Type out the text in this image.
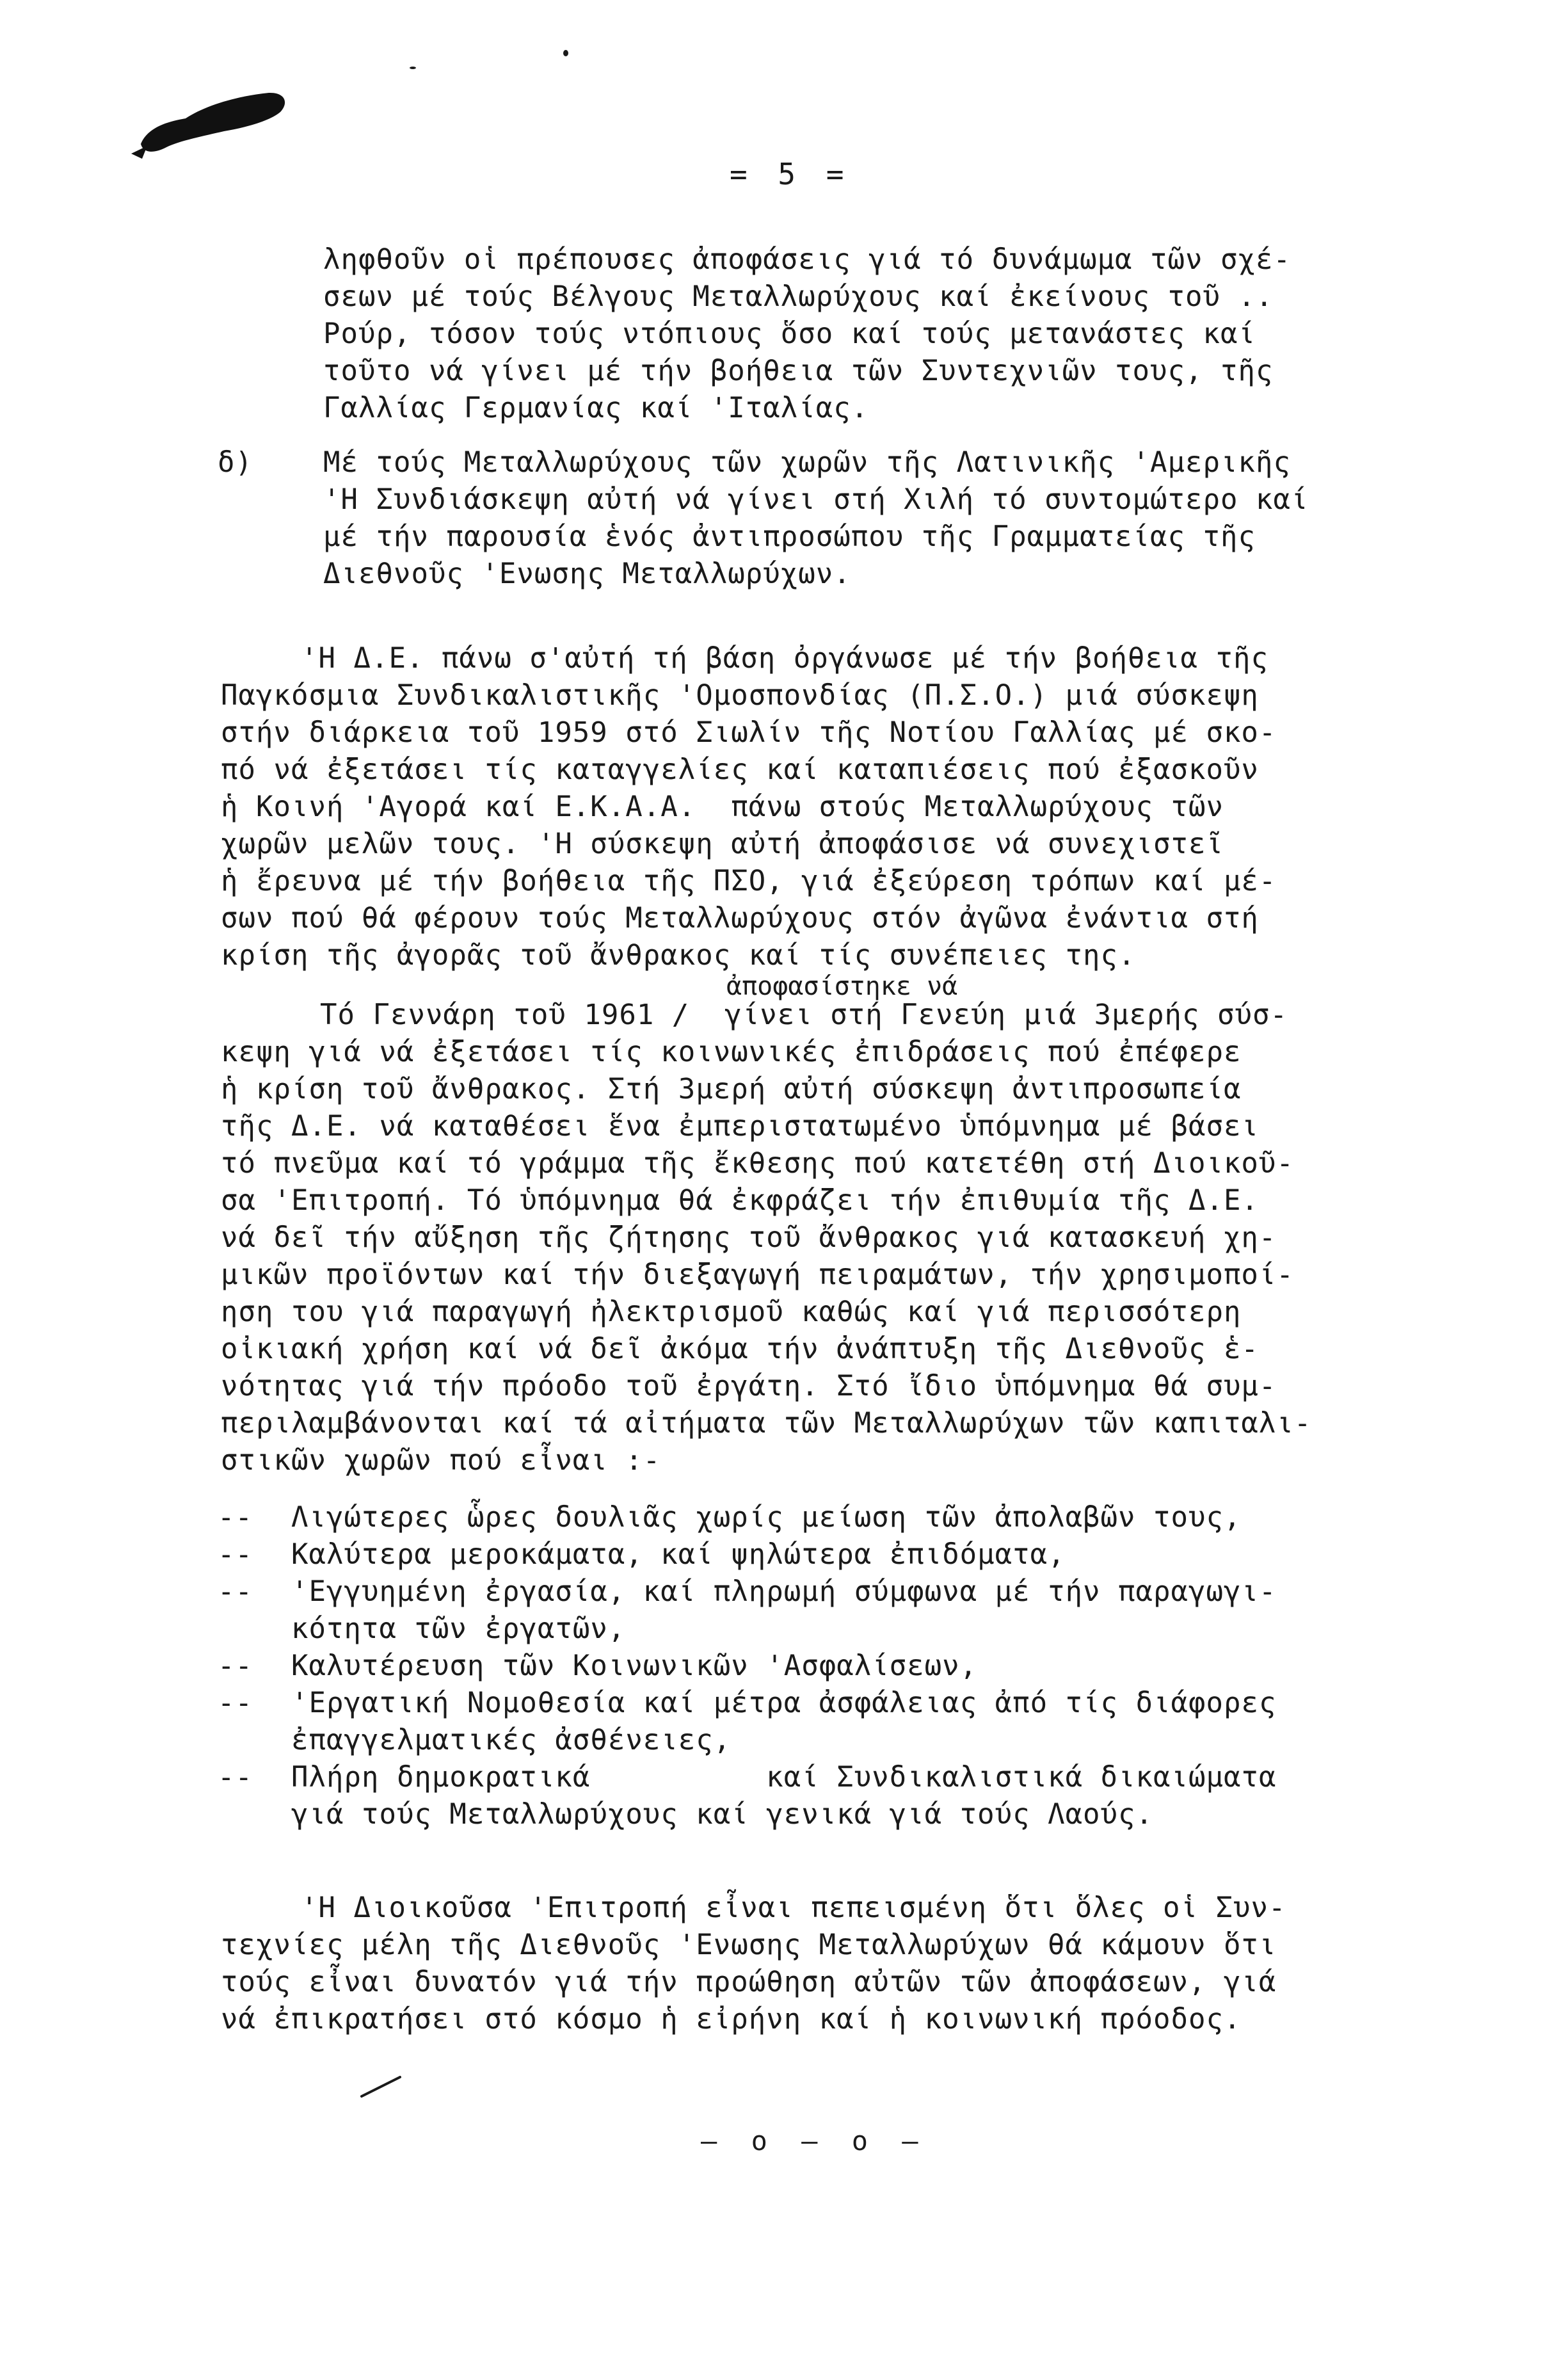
= 5 =
ληφθοῦν οἱ πρέπουσες ἀποφάσεις γιά τό δυνάμωμα τῶν σχέ-
σεων μέ τούς Βέλγους Μεταλλωρύχους καί ἐκείνους τοῦ ..
Ρούρ, τόσον τούς ντόπιους ὅσο καί τούς μετανάστες καί
τοῦτο νά γίνει μέ τήν βοήθεια τῶν Συντεχνιῶν τους, τῆς
Γαλλίας Γερμανίας καί 'Ιταλίας.
δ)	Μέ τούς Μεταλλωρύχους τῶν χωρῶν τῆς Λατινικῆς 'Αμερικῆς
'Η Συνδιάσκεψη αὐτή νά γίνει στή Χιλή τό συντομώτερο καί
μέ τήν παρουσία ἑνός ἀντιπροσώπου τῆς Γραμματείας τῆς
Διεθνοῦς 'Ενωσης Μεταλλωρύχων.
'Η Δ.Ε. πάνω σ'αὐτή τή βάση ὀργάνωσε μέ τήν βοήθεια τῆς
Παγκόσμια Συνδικαλιστικῆς 'Ομοσπονδίας (Π.Σ.Ο.) μιά σύσκεψη
στήν διάρκεια τοῦ 1959 στό Σιωλίν τῆς Νοτίου Γαλλίας μέ σκο-
πό νά ἐξετάσει τίς καταγγελίες καί καταπιέσεις πού ἐξασκοῦν
ἡ Κοινή 'Αγορά καί Ε.Κ.Α.Α.  πάνω στούς Μεταλλωρύχους τῶν
χωρῶν μελῶν τους. 'Η σύσκεψη αὐτή ἀποφάσισε νά συνεχιστεῖ
ἡ ἔρευνα μέ τήν βοήθεια τῆς ΠΣΟ, γιά ἐξεύρεση τρόπων καί μέ-
σων πού θά φέρουν τούς Μεταλλωρύχους στόν ἀγῶνα ἐνάντια στή
κρίση τῆς ἀγορᾶς τοῦ ἄνθρακος καί τίς συνέπειες της.
ἀποφασίστηκε νά
Τό Γεννάρη τοῦ 1961 /  γίνει στή Γενεύη μιά 3μερής σύσ-
κεψη γιά νά ἐξετάσει τίς κοινωνικές ἐπιδράσεις πού ἐπέφερε
ἡ κρίση τοῦ ἄνθρακος. Στή 3μερή αὐτή σύσκεψη ἀντιπροσωπεία
τῆς Δ.Ε. νά καταθέσει ἕνα ἐμπεριστατωμένο ὑπόμνημα μέ βάσει
τό πνεῦμα καί τό γράμμα τῆς ἔκθεσης πού κατετέθη στή Διοικοῦ-
σα 'Επιτροπή. Τό ὑπόμνημα θά ἐκφράζει τήν ἐπιθυμία τῆς Δ.Ε.
νά δεῖ τήν αὔξηση τῆς ζήτησης τοῦ ἄνθρακος γιά κατασκευή χη-
μικῶν προϊόντων καί τήν διεξαγωγή πειραμάτων, τήν χρησιμοποί-
ηση του γιά παραγωγή ἠλεκτρισμοῦ καθώς καί γιά περισσότερη
οἰκιακή χρήση καί νά δεῖ ἀκόμα τήν ἀνάπτυξη τῆς Διεθνοῦς ἑ-
νότητας γιά τήν πρόοδο τοῦ ἐργάτη. Στό ἴδιο ὑπόμνημα θά συμ-
περιλαμβάνονται καί τά αἰτήματα τῶν Μεταλλωρύχων τῶν καπιταλι-
στικῶν χωρῶν πού εἶναι :-
-- Λιγώτερες ὧρες δουλιᾶς χωρίς μείωση τῶν ἀπολαβῶν τους,
-- Καλύτερα μεροκάματα, καί ψηλώτερα ἐπιδόματα,
-- 'Εγγυημένη ἐργασία, καί πληρωμή σύμφωνα μέ τήν παραγωγι-
κότητα τῶν ἐργατῶν,
-- Καλυτέρευση τῶν Κοινωνικῶν 'Ασφαλίσεων,
-- 'Εργατική Νομοθεσία καί μέτρα ἀσφάλειας ἀπό τίς διάφορες
ἐπαγγελματικές ἀσθένειες,
-- Πλήρη δημοκρατικά          καί Συνδικαλιστικά δικαιώματα
γιά τούς Μεταλλωρύχους καί γενικά γιά τούς Λαούς.
'Η Διοικοῦσα 'Επιτροπή εἶναι πεπεισμένη ὅτι ὅλες οἱ Συν-
τεχνίες μέλη τῆς Διεθνοῦς 'Ενωσης Μεταλλωρύχων θά κάμουν ὅτι
τούς εἶναι δυνατόν γιά τήν προώθηση αὐτῶν τῶν ἀποφάσεων, γιά
νά ἐπικρατήσει στό κόσμο ἡ εἰρήνη καί ἡ κοινωνική πρόοδος.
– ο – ο –
